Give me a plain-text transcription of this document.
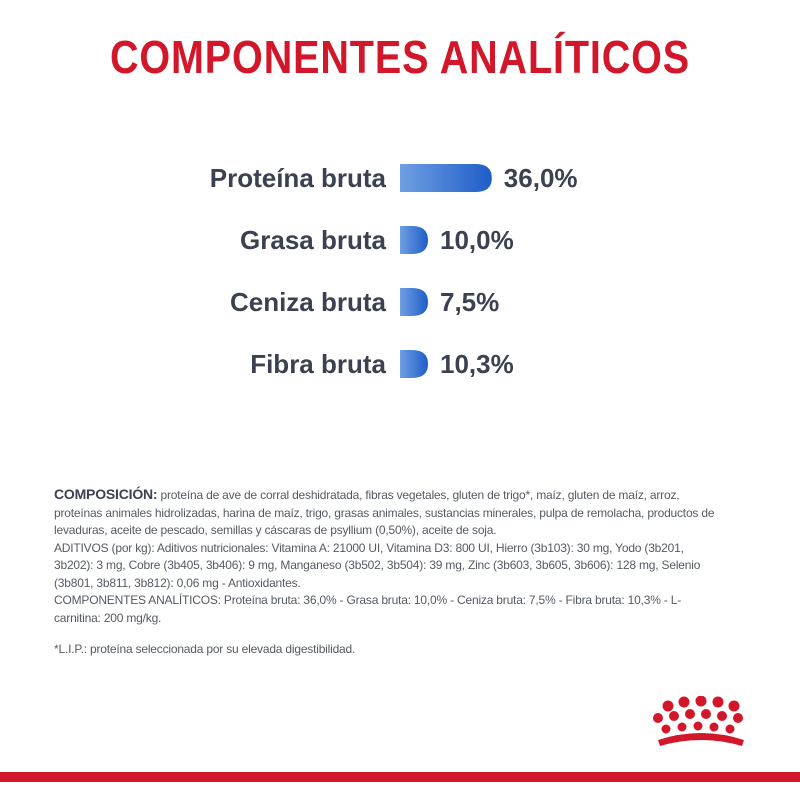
COMPONENTES ANALÍTICOS
Proteína bruta	36,0%
Grasa bruta 10,0%
Ceniza bruta 7,5%
Fibra bruta 10,3%

COMPOSICIÓN: proteína de ave de corral deshidratada, fibras vegetales, gluten de trigo*, maíz, gluten de maíz, arroz, proteínas animales hidrolizadas, harina de maíz, trigo, grasas animales, sustancias minerales, pulpa de remolacha, productos de levaduras, aceite de pescado, semillas y cáscaras de psyllium (0,50%), aceite de soja.

ADITIVOS (por kg): Aditivos nutricionales: Vitamina A: 21000 UI, Vitamina D3: 800 UI, Hierro (3b103): 30 mg, Yodo (3b201, 3b202): 3 mg, Cobre (3b405, 3b406): 9 mg, Manganeso (3b502, 3b504): 39 mg, Zinc (3b603, 3b605, 3b606): 128 mg, Selenio (3b801, 3b811, 3b812): 0,06 mg - Antioxidantes.

COMPONENTES ANALÍTICOS: Proteína bruta: 36,0% - Grasa bruta: 10,0% - Ceniza bruta: 7,5% - Fibra bruta: 10,3% - L-carnitina: 200 mg/kg.

*L.I.P.: proteína seleccionada por su elevada digestibilidad.
